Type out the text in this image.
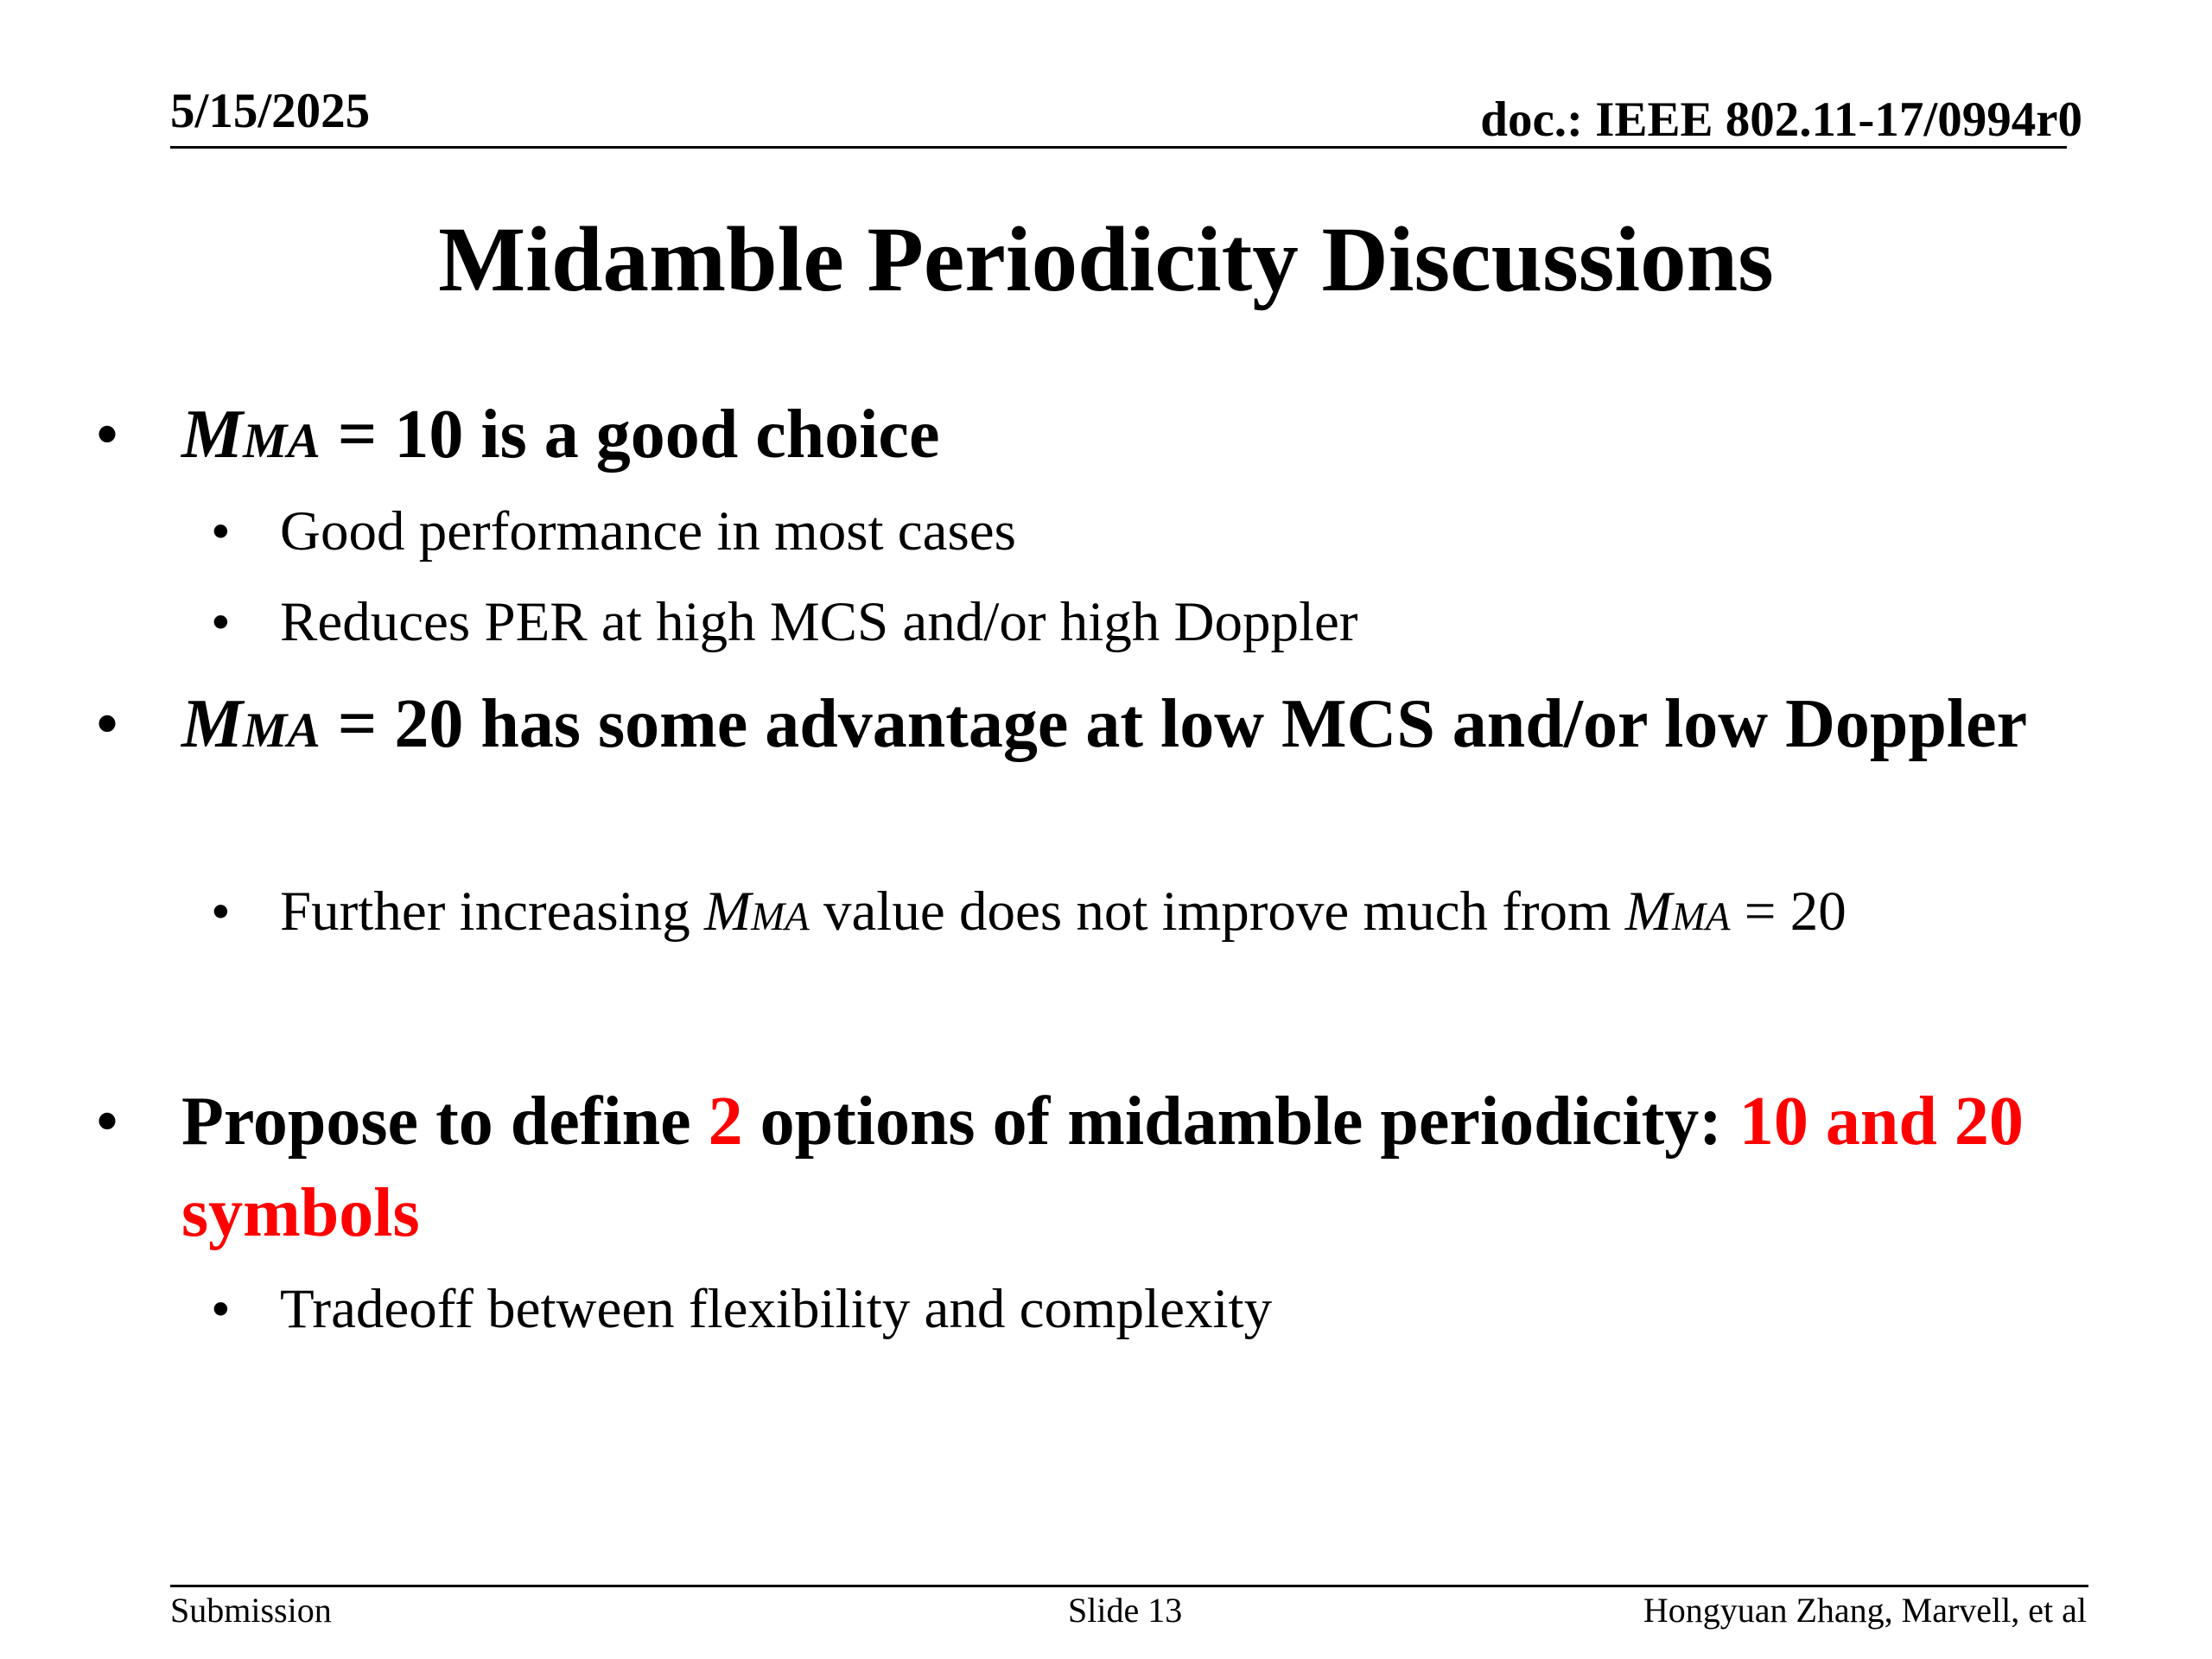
5/15/2025	doc.: IEEE 802.11-17/0994r0
Midamble Periodicity Discussions
• MMA = 10 is a good choice
• Good performance in most cases
• Reduces PER at high MCS and/or high Doppler
• MMA = 20 has some advantage at low MCS and/or low Doppler
• Further increasing MMA value does not improve much from MMA = 20
• Propose to define 2 options of midamble periodicity: 10 and 20 symbols
• Tradeoff between flexibility and complexity
Submission	Slide 13	Hongyuan Zhang, Marvell, et al
